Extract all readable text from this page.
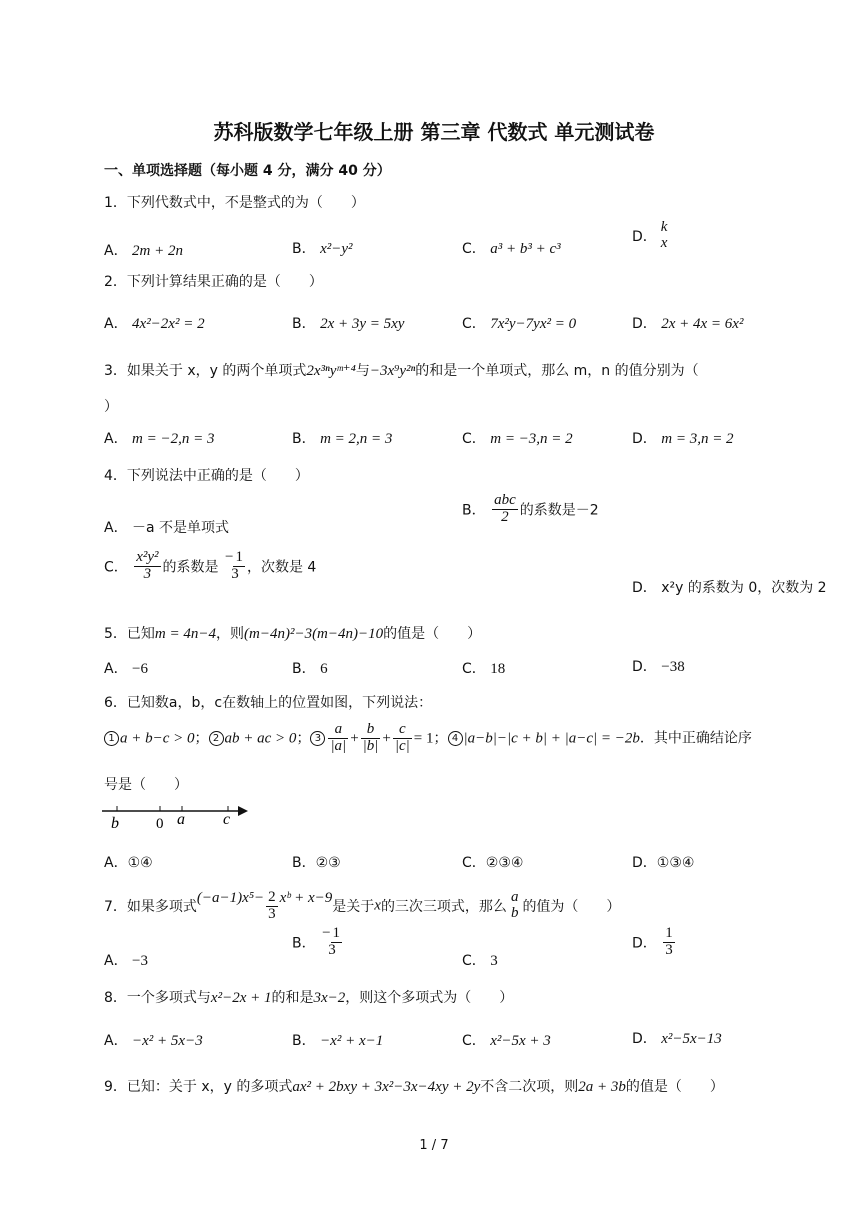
苏科版数学七年级上册 第三章 代数式 单元测试卷
一、单项选择题（每小题 4 分，满分 40 分）
1．下列代数式中，不是整式的为（　　）
A． 2m + 2n	B． x²−y²	C． a³ + b³ + c³
D．
k
x
2．下列计算结果正确的是（　　）
A． 4x²−2x² = 2	B． 2x + 3y = 5xy	C． 7x²y−7yx² = 0	D． 2x + 4x = 6x²
3．如果关于 x，y 的两个单项式2x³ⁿyᵐ⁺⁴与−3x⁹y²ⁿ的和是一个单项式，那么 m，n 的值分别为（
）
A． m = −2,n = 3	B． m = 2,n = 3	C． m = −3,n = 2	D． m = 3,n = 2
4．下列说法中正确的是（　　）
A． －a 不是单项式
B． $\frac{\text{abc}}{2}$ 的系数是－2
C． $\frac{\text{x²y²}}{3}$ 的系数是 − 1
3 ，次数是 4
D． x²y 的系数为 0，次数为 2
5．已知m = 4n−4，则(m−4n)²−3(m−4n)−10的值是（　　）
A． −6	B． 6	C． 18	D． −38
6．已知数a，b，c在数轴上的位置如图，下列说法：
1 a + b−c > 0； 2 ab + ac > 0； $3 \frac{a}{|a|} + \frac{b}{|b|} + \frac{c}{|c|} = 1$； 4 |a−b|−|c + b| + |a−c| = −2b．其中正确结论序
号是（　　）
b 0 a c
A．①④	B．②③	C．②③④	D．①③④
7．如果多项式$(-a-1)x^5- \frac{2}{3}$ xᵇ + x−9是关于x的三次三项式，那么
a
b 的值为（　　）
A． −3
B． − 1
3
C． 3
D． $\frac{1}{3}$
8．一个多项式与x²−2x + 1的和是3x−2，则这个多项式为（　　）
A． −x² + 5x−3	B． −x² + x−1	C． x²−5x + 3	D． x²−5x−13
9．已知：关于 x，y 的多项式ax² + 2bxy + 3x²−3x−4xy + 2y不含二次项，则2a + 3b的值是（　　）
1 / 7
